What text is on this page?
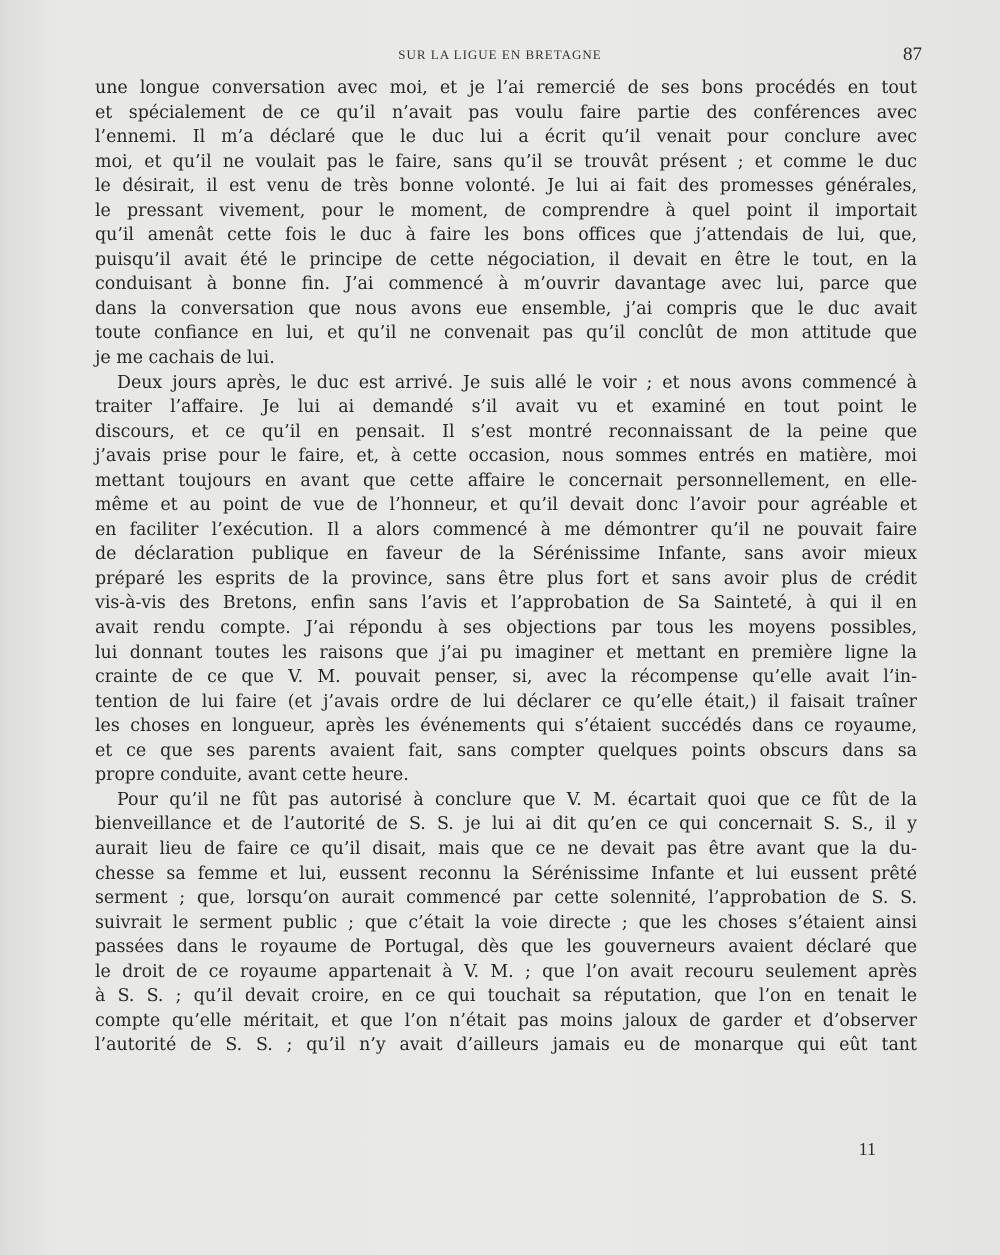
SUR LA LIGUE EN BRETAGNE	87
une longue conversation avec moi, et je l’ai remercié de ses bons procédés en tout
et spécialement de ce qu’il n’avait pas voulu faire partie des conférences avec
l’ennemi. Il m’a déclaré que le duc lui a écrit qu’il venait pour conclure avec
moi, et qu’il ne voulait pas le faire, sans qu’il se trouvât présent ; et comme le duc
le désirait, il est venu de très bonne volonté. Je lui ai fait des promesses générales,
le pressant vivement, pour le moment, de comprendre à quel point il importait
qu’il amenât cette fois le duc à faire les bons offices que j’attendais de lui, que,
puisqu’il avait été le principe de cette négociation, il devait en être le tout, en la
conduisant à bonne fin. J’ai commencé à m’ouvrir davantage avec lui, parce que
dans la conversation que nous avons eue ensemble, j’ai compris que le duc avait
toute confiance en lui, et qu’il ne convenait pas qu’il conclût de mon attitude que
je me cachais de lui.
Deux jours après, le duc est arrivé. Je suis allé le voir ; et nous avons commencé à
traiter l’affaire. Je lui ai demandé s’il avait vu et examiné en tout point le
discours, et ce qu’il en pensait. Il s’est montré reconnaissant de la peine que
j’avais prise pour le faire, et, à cette occasion, nous sommes entrés en matière, moi
mettant toujours en avant que cette affaire le concernait personnellement, en elle-
même et au point de vue de l’honneur, et qu’il devait donc l’avoir pour agréable et
en faciliter l’exécution. Il a alors commencé à me démontrer qu’il ne pouvait faire
de déclaration publique en faveur de la Sérénissime Infante, sans avoir mieux
préparé les esprits de la province, sans être plus fort et sans avoir plus de crédit
vis-à-vis des Bretons, enfin sans l’avis et l’approbation de Sa Sainteté, à qui il en
avait rendu compte. J’ai répondu à ses objections par tous les moyens possibles,
lui donnant toutes les raisons que j’ai pu imaginer et mettant en première ligne la
crainte de ce que V. M. pouvait penser, si, avec la récompense qu’elle avait l’in-
tention de lui faire (et j’avais ordre de lui déclarer ce qu’elle était,) il faisait traîner
les choses en longueur, après les événements qui s’étaient succédés dans ce royaume,
et ce que ses parents avaient fait, sans compter quelques points obscurs dans sa
propre conduite, avant cette heure.
Pour qu’il ne fût pas autorisé à conclure que V. M. écartait quoi que ce fût de la
bienveillance et de l’autorité de S. S. je lui ai dit qu’en ce qui concernait S. S., il y
aurait lieu de faire ce qu’il disait, mais que ce ne devait pas être avant que la du-
chesse sa femme et lui, eussent reconnu la Sérénissime Infante et lui eussent prêté
serment ; que, lorsqu’on aurait commencé par cette solennité, l’approbation de S. S.
suivrait le serment public ; que c’était la voie directe ; que les choses s’étaient ainsi
passées dans le royaume de Portugal, dès que les gouverneurs avaient déclaré que
le droit de ce royaume appartenait à V. M. ; que l’on avait recouru seulement après
à S. S. ; qu’il devait croire, en ce qui touchait sa réputation, que l’on en tenait le
compte qu’elle méritait, et que l’on n’était pas moins jaloux de garder et d’observer
l’autorité de S. S. ; qu’il n’y avait d’ailleurs jamais eu de monarque qui eût tant
11
